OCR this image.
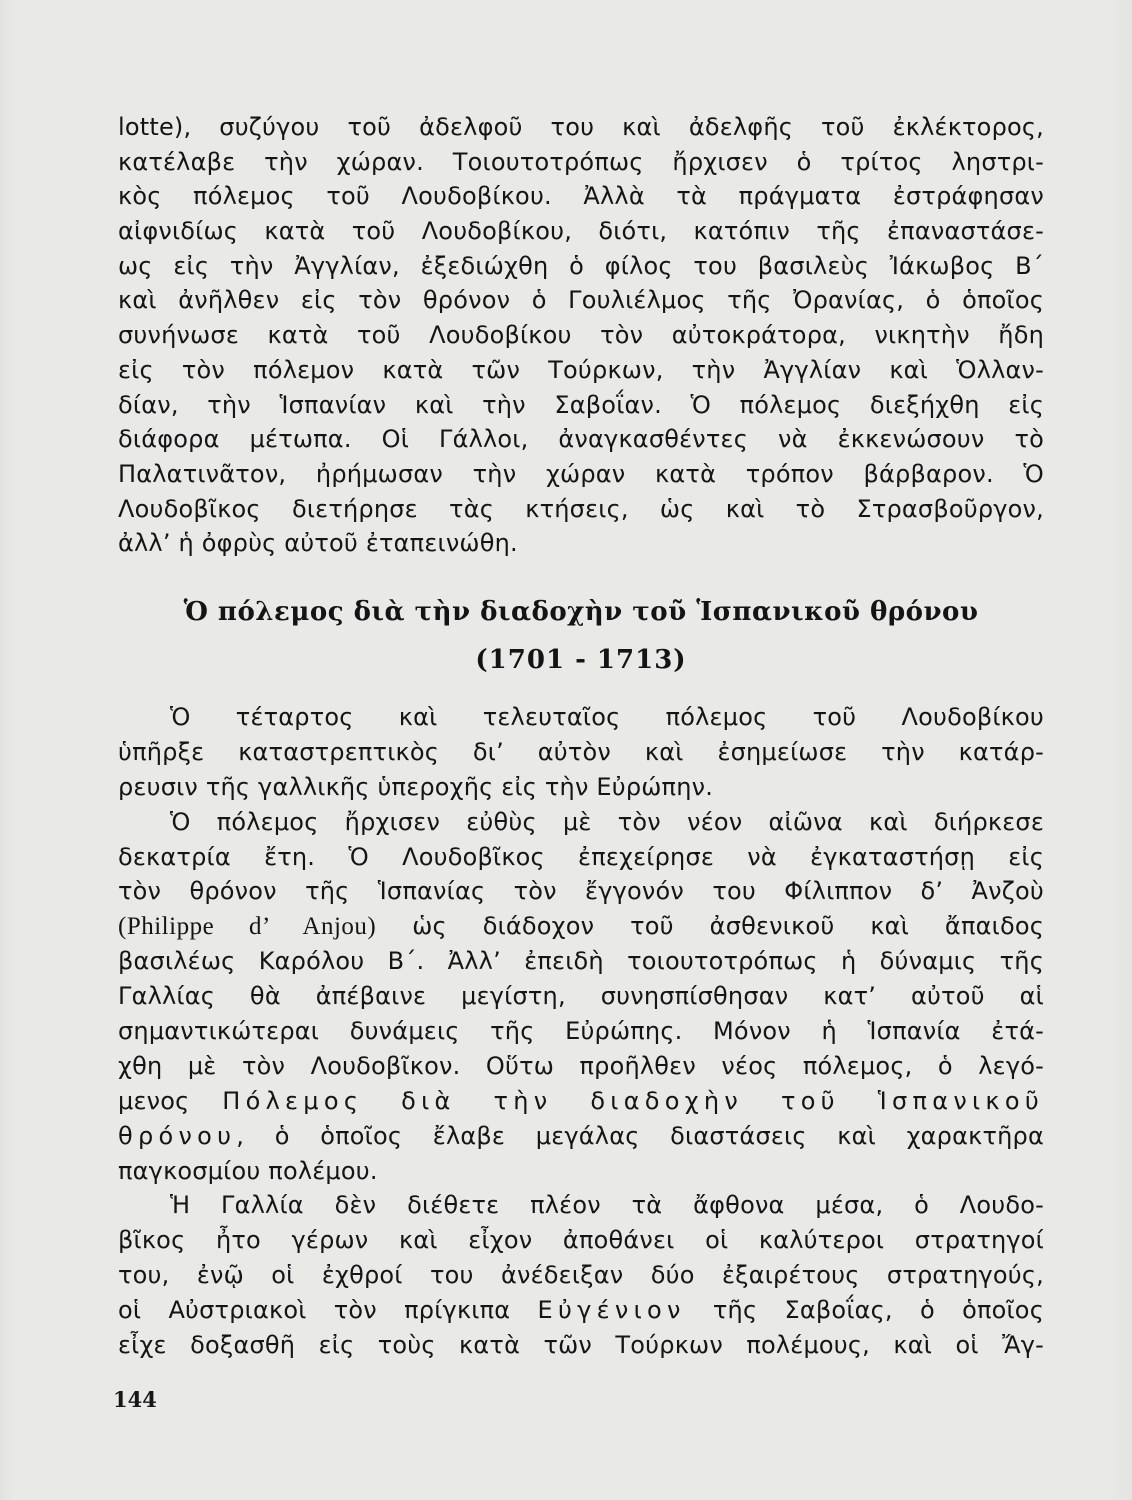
lotte), συζύγου τοῦ ἀδελφοῦ του καὶ ἀδελφῆς τοῦ ἐκλέκτορος,
κατέλαβε τὴν χώραν. Τοιουτοτρόπως ἤρχισεν ὁ τρίτος ληστρι-
κὸς πόλεμος τοῦ Λουδοβίκου. Ἀλλὰ τὰ πράγματα ἐστράφησαν
αἰφνιδίως κατὰ τοῦ Λουδοβίκου, διότι, κατόπιν τῆς ἐπαναστάσε-
ως εἰς τὴν Ἀγγλίαν, ἐξεδιώχθη ὁ φίλος του βασιλεὺς Ἰάκωβος Β΄
καὶ ἀνῆλθεν εἰς τὸν θρόνον ὁ Γουλιέλμος τῆς Ὀρανίας, ὁ ὁποῖος
συνήνωσε κατὰ τοῦ Λουδοβίκου τὸν αὐτοκράτορα, νικητὴν ἤδη
εἰς τὸν πόλεμον κατὰ τῶν Τούρκων, τὴν Ἀγγλίαν καὶ Ὁλλαν-
δίαν, τὴν Ἱσπανίαν καὶ τὴν Σαβοΐαν. Ὁ πόλεμος διεξήχθη εἰς
διάφορα μέτωπα. Οἱ Γάλλοι, ἀναγκασθέντες νὰ ἐκκενώσουν τὸ
Παλατινᾶτον, ἠρήμωσαν τὴν χώραν κατὰ τρόπον βάρβαρον. Ὁ
Λουδοβῖκος διετήρησε τὰς κτήσεις, ὡς καὶ τὸ Στρασβοῦργον,
ἀλλ’ ἡ ὀφρὺς αὐτοῦ ἐταπεινώθη.
Ὁ πόλεμος διὰ τὴν διαδοχὴν τοῦ Ἱσπανικοῦ θρόνου
(1701 - 1713)
Ὁ τέταρτος καὶ τελευταῖος πόλεμος τοῦ Λουδοβίκου
ὑπῆρξε καταστρεπτικὸς δι’ αὐτὸν καὶ ἐσημείωσε τὴν κατάρ-
ρευσιν τῆς γαλλικῆς ὑπεροχῆς εἰς τὴν Εὐρώπην.
Ὁ πόλεμος ἤρχισεν εὐθὺς μὲ τὸν νέον αἰῶνα καὶ διήρκεσε
δεκατρία ἔτη. Ὁ Λουδοβῖκος ἐπεχείρησε νὰ ἐγκαταστήσῃ εἰς
τὸν θρόνον τῆς Ἱσπανίας τὸν ἔγγονόν του Φίλιππον δ’ Ἀνζοὺ
(Philippe d’ Anjou) ὡς διάδοχον τοῦ ἀσθενικοῦ καὶ ἄπαιδος
βασιλέως Καρόλου Β΄. Ἀλλ’ ἐπειδὴ τοιουτοτρόπως ἡ δύναμις τῆς
Γαλλίας θὰ ἀπέβαινε μεγίστη, συνησπίσθησαν κατ’ αὐτοῦ αἱ
σημαντικώτεραι δυνάμεις τῆς Εὐρώπης. Μόνον ἡ Ἱσπανία ἐτά-
χθη μὲ τὸν Λουδοβῖκον. Οὕτω προῆλθεν νέος πόλεμος, ὁ λεγό-
μενος Πόλεμος διὰ τὴν διαδοχὴν τοῦ Ἱσπανικοῦ
θρόνου, ὁ ὁποῖος ἔλαβε μεγάλας διαστάσεις καὶ χαρακτῆρα
παγκοσμίου πολέμου.
Ἡ Γαλλία δὲν διέθετε πλέον τὰ ἄφθονα μέσα, ὁ Λουδο-
βῖκος ἦτο γέρων καὶ εἶχον ἀποθάνει οἱ καλύτεροι στρατηγοί
του, ἐνῷ οἱ ἐχθροί του ἀνέδειξαν δύο ἐξαιρέτους στρατηγούς,
οἱ Αὐστριακοὶ τὸν πρίγκιπα Εὐγένιον τῆς Σαβοΐας, ὁ ὁποῖος
εἶχε δοξασθῆ εἰς τοὺς κατὰ τῶν Τούρκων πολέμους, καὶ οἱ Ἄγ-
144
